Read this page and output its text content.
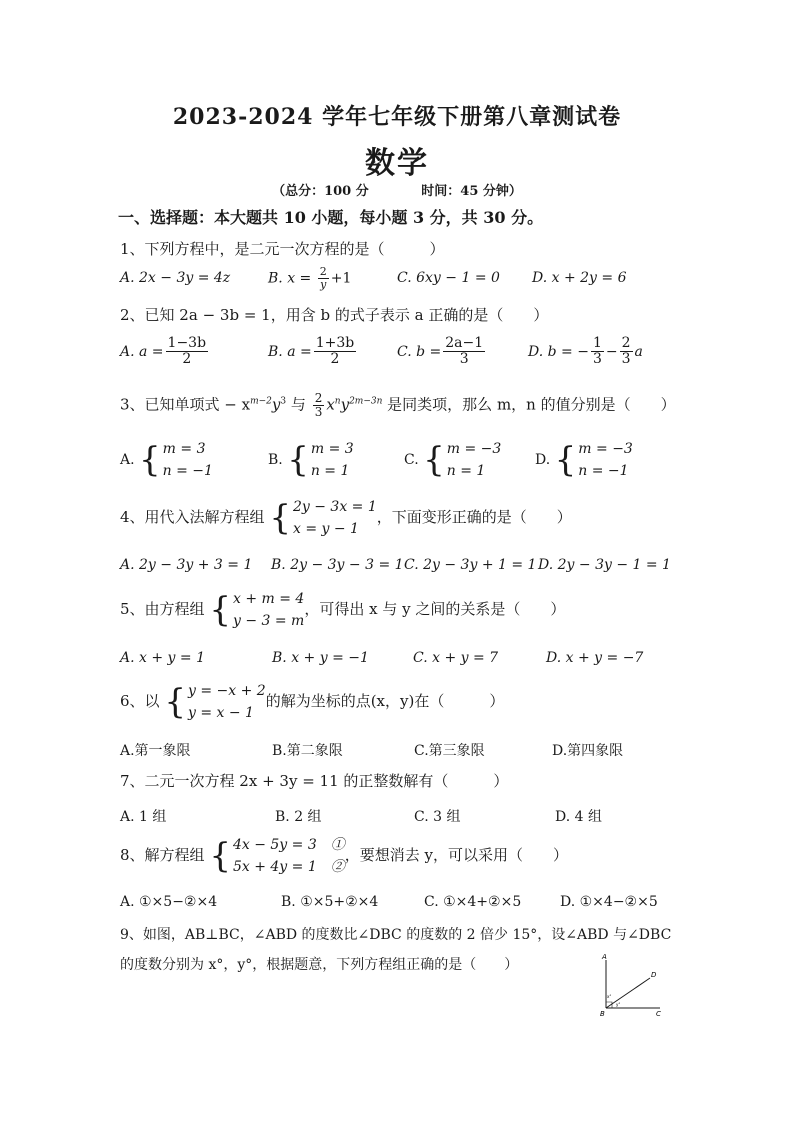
2023-2024 学年七年级下册第八章测试卷
数学
（总分：100 分	时间：45 分钟）
一、选择题：本大题共 10 小题，每小题 3 分，共 30 分。
1、下列方程中，是二元一次方程的是（　　　）
A. 2x − 3y = 4z	B. $x = \frac{2}{y} +1$	C. 6xy − 1 = 0 D. x + 2y = 6
2、已知 2a − 3b = 1，用含 b 的式子表示 a 正确的是（　　）
A. $a = \frac{1-3b}{2}$	B. $a = \frac{1+3b}{2}$	C. $b = \frac{2a-1}{3}$	D. b = − $\frac{1}{3} - \frac{2}{3}$ a
3、已知单项式 − $x^{m-2}y^3$ 与 $\frac{2}{3} x^ny^{2m-3n}$ 是同类项，那么 m，n 的值分别是（　　）
A. { m = 3
n = −1
B. { m = 3
n = 1
C. { m = −3
n = 1
D. { m = −3
n = −1
4、用代入法解方程组 { 2y − 3x = 1
x = y − 1
，下面变形正确的是（　　）
A. 2y − 3y + 3 = 1 B. 2y − 3y − 3 = 1 C. 2y − 3y + 1 = 1 D. 2y − 3y − 1 = 1
5、由方程组 { x + m = 4
y − 3 = m
，可得出 x 与 y 之间的关系是（　　）
A. x + y = 1	B. x + y = −1	C. x + y = 7	D. x + y = −7
6、以 { y = −x + 2
y = x − 1
的解为坐标的点(x，y)在（　　　）
A.第一象限	B.第二象限	C.第三象限	D.第四象限
7、二元一次方程 2x + 3y = 11 的正整数解有（　　　）
A. 1 组	B. 2 组	C. 3 组	D. 4 组
8、解方程组 { 4x − 5y = 3　①
5x + 4y = 1　②
，要想消去 y，可以采用（　　）
A. ①×5−②×4	B. ①×5+②×4	C. ①×4+②×5	D. ①×4−②×5
9、如图，AB⊥BC，∠ABD 的度数比∠DBC 的度数的 2 倍少 15°，设∠ABD 与∠DBC
的度数分别为 x°，y°，根据题意，下列方程组正确的是（　　）	A
B	C
D
x°
y°
